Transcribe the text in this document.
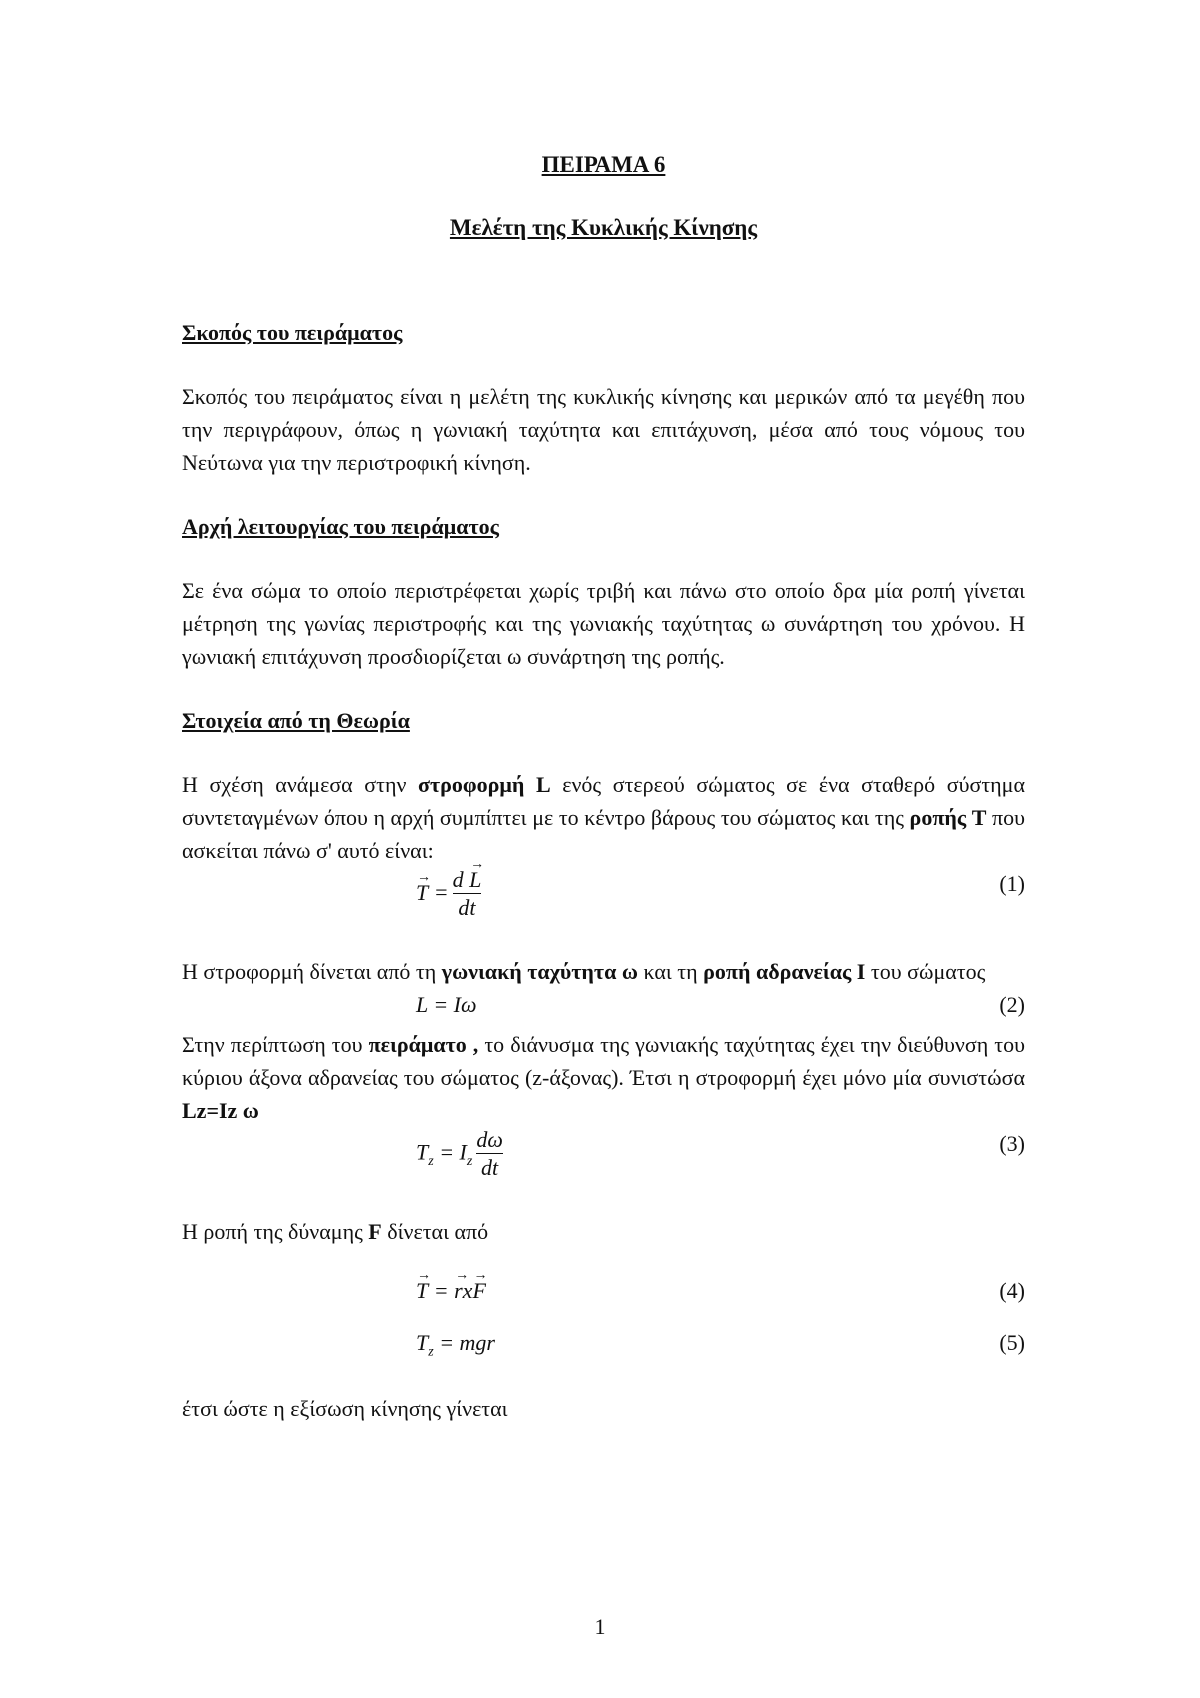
ΠΕΙΡΑΜΑ 6

Μελέτη της Κυκλικής Κίνησης

Σκοπός του πειράματος

Σκοπός του πειράματος είναι η μελέτη της κυκλικής κίνησης και μερικών από τα μεγέθη που την περιγράφουν, όπως η γωνιακή ταχύτητα και επιτάχυνση, μέσα από τους νόμους του Νεύτωνα για την περιστροφική κίνηση.

Αρχή λειτουργίας του πειράματος

Σε ένα σώμα το οποίο περιστρέφεται χωρίς τριβή και πάνω στο οποίο δρα μία ροπή γίνεται μέτρηση της γωνίας περιστροφής και της γωνιακής ταχύτητας ω συνάρτηση του χρόνου. Η γωνιακή επιτάχυνση προσδιορίζεται ω συνάρτηση της ροπής.

Στοιχεία από τη Θεωρία

Η σχέση ανάμεσα στην στροφορμή L ενός στερεού σώματος σε ένα σταθερό σύστημα συντεταγμένων όπου η αρχή συμπίπτει με το κέντρο βάρους του σώματος και της ροπής T που ασκείται πάνω σ' αυτό είναι:

→ $T = \frac{d \to L}{dt}$	(1)

Η στροφορμή δίνεται από τη γωνιακή ταχύτητα ω και τη ροπή αδρανείας I του σώματος

L = Iω	(2)

Στην περίπτωση του πειράματο , το διάνυσμα της γωνιακής ταχύτητας έχει την διεύθυνση του κύριου άξονα αδρανείας του σώματος (z-άξονας). Έτσι η στροφορμή έχει μόνο μία συνιστώσα Lz=Iz ω

$T_z = I_z \frac{d\omega}{dt}$	(3)

Η ροπή της δύναμης F δίνεται από

→ T = → rx→ F	(4)
$T_z$ = mgr	(5)

έτσι ώστε η εξίσωση κίνησης γίνεται

1
